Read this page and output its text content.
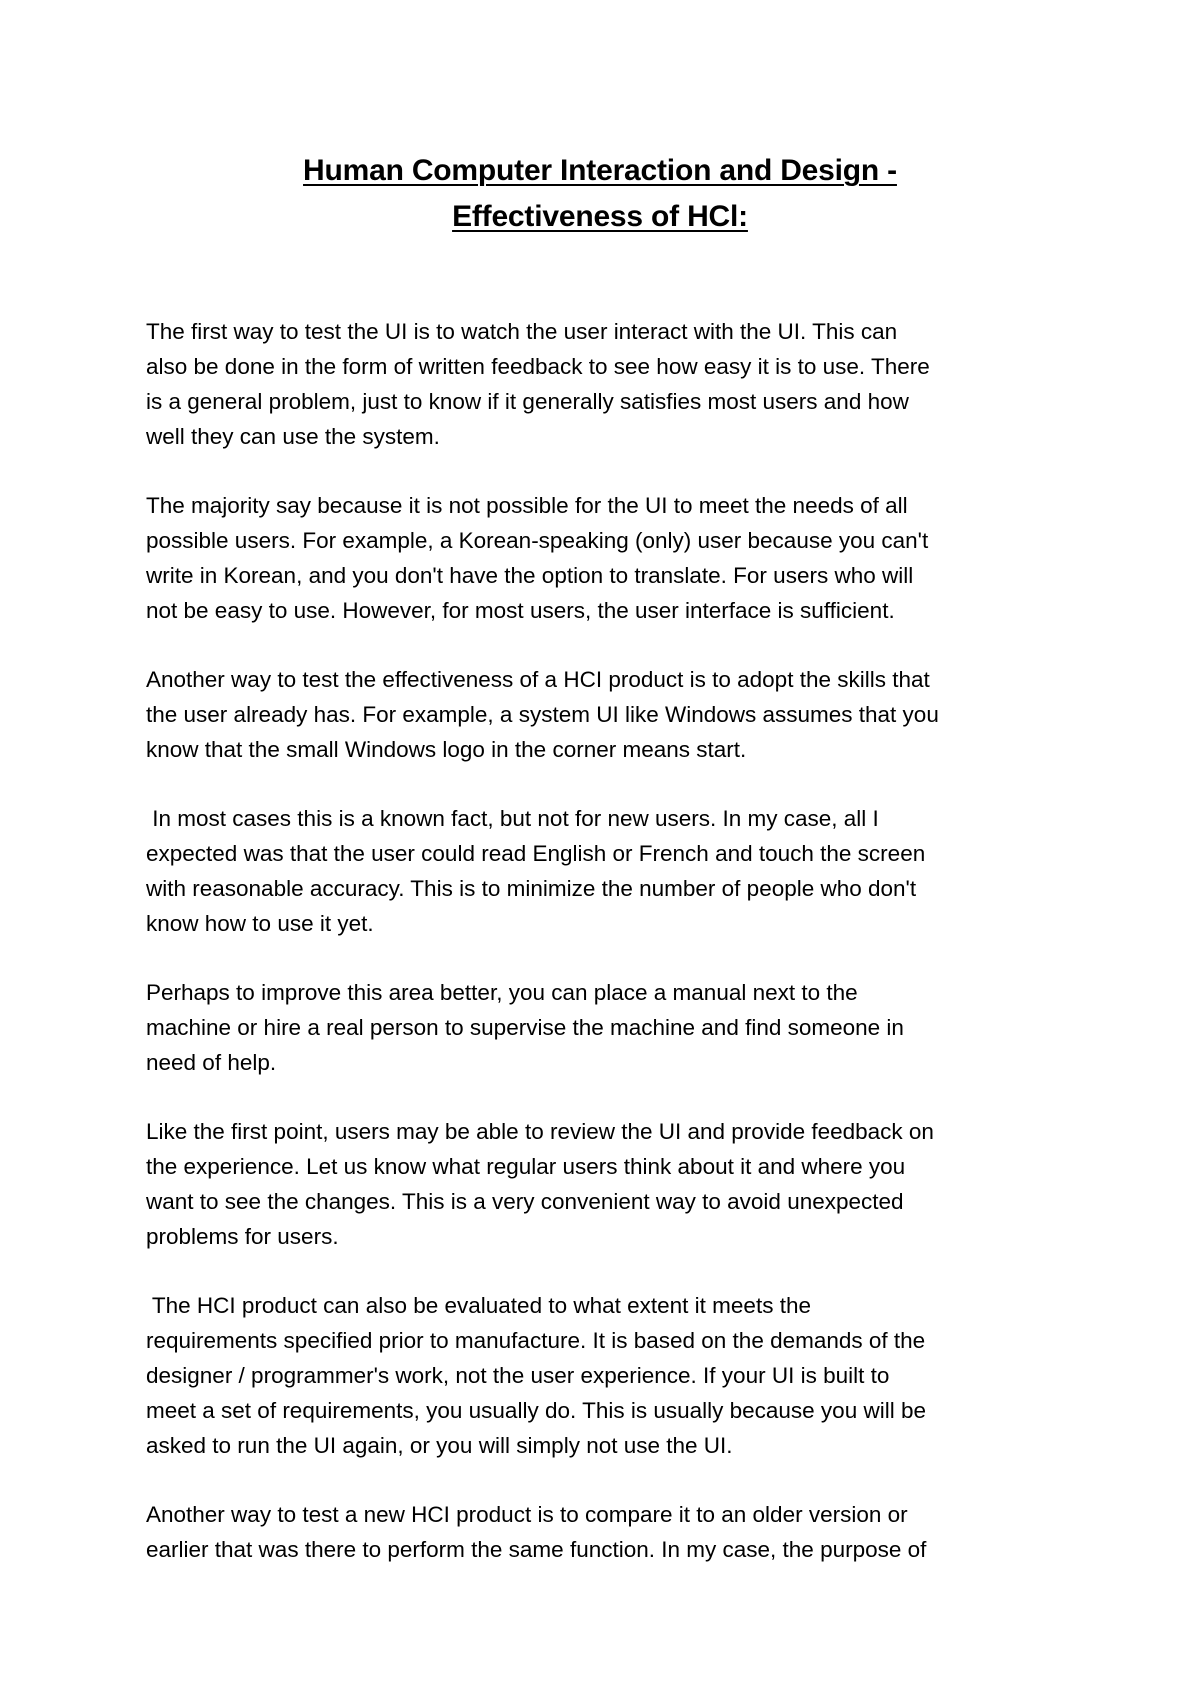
Human Computer Interaction and Design -
Effectiveness of HCl:

The first way to test the UI is to watch the user interact with the UI. This can
also be done in the form of written feedback to see how easy it is to use. There
is a general problem, just to know if it generally satisfies most users and how
well they can use the system.

The majority say because it is not possible for the UI to meet the needs of all
possible users. For example, a Korean-speaking (only) user because you can't
write in Korean, and you don't have the option to translate. For users who will
not be easy to use. However, for most users, the user interface is sufficient.

Another way to test the effectiveness of a HCI product is to adopt the skills that
the user already has. For example, a system UI like Windows assumes that you
know that the small Windows logo in the corner means start.

In most cases this is a known fact, but not for new users. In my case, all I
expected was that the user could read English or French and touch the screen
with reasonable accuracy. This is to minimize the number of people who don't
know how to use it yet.

Perhaps to improve this area better, you can place a manual next to the
machine or hire a real person to supervise the machine and find someone in
need of help.

Like the first point, users may be able to review the UI and provide feedback on
the experience. Let us know what regular users think about it and where you
want to see the changes. This is a very convenient way to avoid unexpected
problems for users.

The HCI product can also be evaluated to what extent it meets the
requirements specified prior to manufacture. It is based on the demands of the
designer / programmer's work, not the user experience. If your UI is built to
meet a set of requirements, you usually do. This is usually because you will be
asked to run the UI again, or you will simply not use the UI.

Another way to test a new HCI product is to compare it to an older version or
earlier that was there to perform the same function. In my case, the purpose of
